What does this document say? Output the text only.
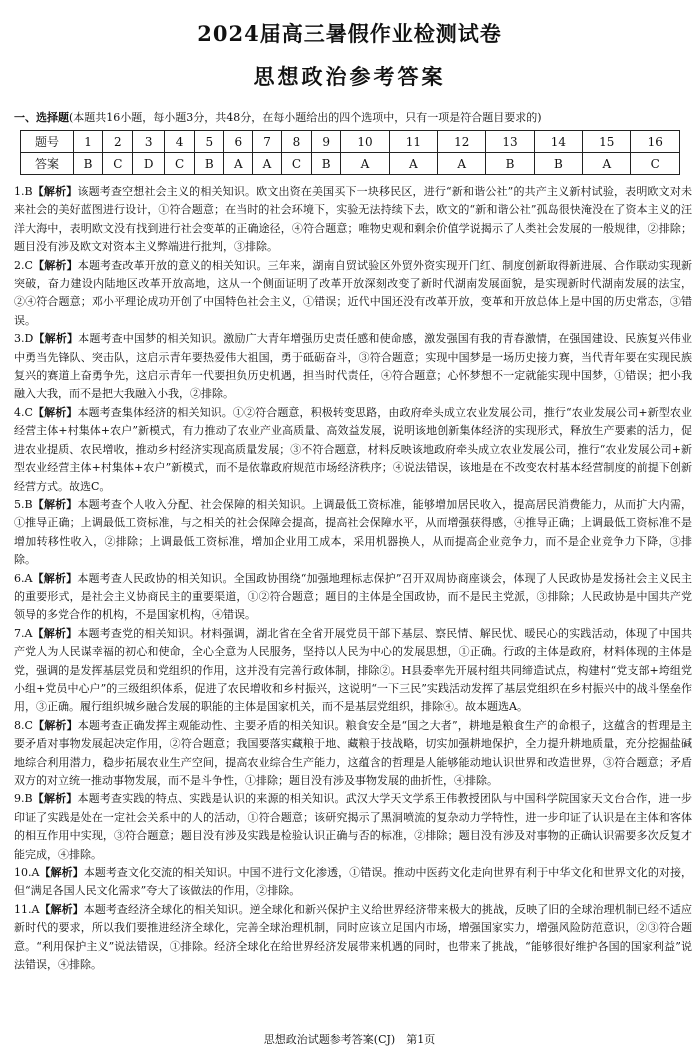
2024届高三暑假作业检测试卷
思想政治参考答案
一、选择题(本题共16小题，每小题3分，共48分，在每小题给出的四个选项中，只有一项是符合题目要求的)
题号	1	2	3	4	5	6	7	8	9	10	11	12	13	14	15	16
答案	B	C	D	C	B	A	A	C	B	A	A	A	B	B	A	C

1.B【解析】该题考查空想社会主义的相关知识。欧文出资在美国买下一块移民区，进行“新和谐公社”的共产主义新村试验，表明欧文对未来社会的美好蓝图进行设计，①符合题意；在当时的社会环境下，实验无法持续下去，欧文的“新和谐公社”孤岛很快淹没在了资本主义的汪洋大海中，表明欧文没有找到进行社会变革的正确途径，④符合题意；唯物史观和剩余价值学说揭示了人类社会发展的一般规律，②排除；题目没有涉及欧文对资本主义弊端进行批判，③排除。

2.C【解析】本题考查改革开放的意义的相关知识。三年来，湖南自贸试验区外贸外资实现开门红、制度创新取得新进展、合作联动实现新突破，奋力建设内陆地区改革开放高地，这从一个侧面证明了改革开放深刻改变了新时代湖南发展面貌，是实现新时代湖南发展的法宝，②④符合题意；邓小平理论成功开创了中国特色社会主义，①错误；近代中国还没有改革开放，变革和开放总体上是中国的历史常态，③错误。

3.D【解析】本题考查中国梦的相关知识。激励广大青年增强历史责任感和使命感，激发强国有我的青春激情，在强国建设、民族复兴伟业中勇当先锋队、突击队，这启示青年要热爱伟大祖国，勇于砥砺奋斗，③符合题意；实现中国梦是一场历史接力赛，当代青年要在实现民族复兴的赛道上奋勇争先，这启示青年一代要担负历史机遇，担当时代责任，④符合题意；心怀梦想不一定就能实现中国梦，①错误；把小我融入大我，而不是把大我融入小我，②排除。

4.C【解析】本题考查集体经济的相关知识。①②符合题意，积极转变思路，由政府牵头成立农业发展公司，推行“农业发展公司+新型农业经营主体+村集体+农户”新模式，有力推动了农业产业高质量、高效益发展，说明该地创新集体经济的实现形式，释放生产要素的活力，促进农业提质、农民增收，推动乡村经济实现高质量发展；③不符合题意，材料反映该地政府牵头成立农业发展公司，推行“农业发展公司+新型农业经营主体+村集体+农户”新模式，而不是依靠政府规范市场经济秩序；④说法错误，该地是在不改变农村基本经营制度的前提下创新经营方式。故选C。

5.B【解析】本题考查个人收入分配、社会保障的相关知识。上调最低工资标准，能够增加居民收入，提高居民消费能力，从而扩大内需，①推导正确；上调最低工资标准，与之相关的社会保障会提高，提高社会保障水平，从而增强获得感，④推导正确；上调最低工资标准不是增加转移性收入，②排除；上调最低工资标准，增加企业用工成本，采用机器换人，从而提高企业竞争力，而不是企业竞争力下降，③排除。

6.A【解析】本题考查人民政协的相关知识。全国政协围绕“加强地理标志保护”召开双周协商座谈会，体现了人民政协是发扬社会主义民主的重要形式，是社会主义协商民主的重要渠道，①②符合题意；题目的主体是全国政协，而不是民主党派，③排除；人民政协是中国共产党领导的多党合作的机构，不是国家机构，④错误。

7.A【解析】本题考查党的相关知识。材料强调，湖北省在全省开展党员干部下基层、察民情、解民忧、暖民心的实践活动，体现了中国共产党人为人民谋幸福的初心和使命，全心全意为人民服务，坚持以人民为中心的发展思想，①正确。行政的主体是政府，材料体现的主体是党，强调的是发挥基层党员和党组织的作用，这并没有完善行政体制，排除②。H县委率先开展村组共同缔造试点，构建村“党支部+垮组党小组+党员中心户”的三级组织体系，促进了农民增收和乡村振兴，这说明“一下三民”实践活动发挥了基层党组织在乡村振兴中的战斗堡垒作用，③正确。履行组织城乡融合发展的职能的主体是国家机关，而不是基层党组织，排除④。故本题选A。

8.C【解析】本题考查正确发挥主观能动性、主要矛盾的相关知识。粮食安全是“国之大者”，耕地是粮食生产的命根子，这蕴含的哲理是主要矛盾对事物发展起决定作用，②符合题意；我国要落实藏粮于地、藏粮于技战略，切实加强耕地保护，全力提升耕地质量，充分挖掘盐碱地综合利用潜力，稳步拓展农业生产空间，提高农业综合生产能力，这蕴含的哲理是人能够能动地认识世界和改造世界，③符合题意；矛盾双方的对立统一推动事物发展，而不是斗争性，①排除；题目没有涉及事物发展的曲折性，④排除。

9.B【解析】本题考查实践的特点、实践是认识的来源的相关知识。武汉大学天文学系王伟教授团队与中国科学院国家天文台合作，进一步印证了实践是处在一定社会关系中的人的活动，①符合题意；该研究揭示了黑洞喷流的复杂动力学特性，进一步印证了认识是在主体和客体的相互作用中实现，③符合题意；题目没有涉及实践是检验认识正确与否的标准，②排除；题目没有涉及对事物的正确认识需要多次反复才能完成，④排除。

10.A【解析】本题考查文化交流的相关知识。中国不进行文化渗透，①错误。推动中医药文化走向世界有利于中华文化和世界文化的对接，但“满足各国人民文化需求”夸大了该做法的作用，②排除。

11.A【解析】本题考查经济全球化的相关知识。逆全球化和新兴保护主义给世界经济带来极大的挑战，反映了旧的全球治理机制已经不适应新时代的要求，所以我们要推进经济全球化，完善全球治理机制，同时应该立足国内市场，增强国家实力，增强风险防范意识，②③符合题意。“利用保护主义”说法错误，①排除。经济全球化在给世界经济发展带来机遇的同时，也带来了挑战，“能够很好维护各国的国家利益”说法错误，④排除。

思想政治试题参考答案(CJ)　第1页
